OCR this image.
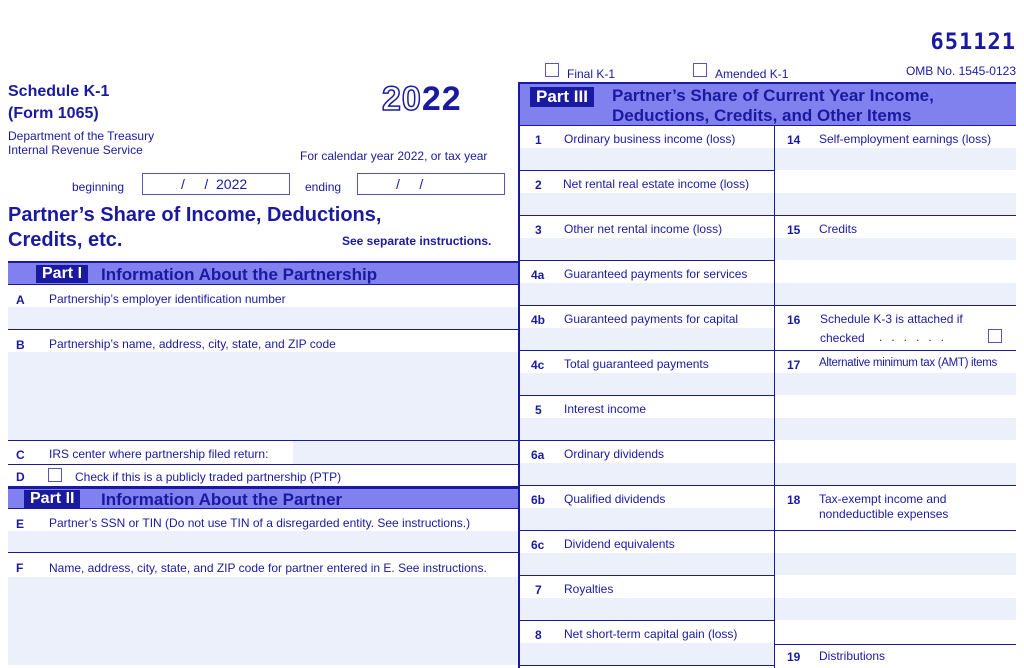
651121
OMB No. 1545-0123
Final K-1	Amended K-1
Schedule K-1
(Form 1065)
Department of the Treasury
Internal Revenue Service
2022
For calendar year 2022, or tax year
beginning	/     /  2022	ending	/     /
Partner’s Share of Income, Deductions,
Credits, etc.	See separate instructions.
Part I	Information About the Partnership
A Partnership’s employer identification number
B Partnership’s name, address, city, state, and ZIP code
C IRS center where partnership filed return:
D	Check if this is a publicly traded partnership (PTP)
Part II	Information About the Partner
E Partner’s SSN or TIN (Do not use TIN of a disregarded entity. See instructions.)
F Name, address, city, state, and ZIP code for partner entered in E. See instructions.
Part III	Partner’s Share of Current Year Income,
Deductions, Credits, and Other Items
1 Ordinary business income (loss)
2 Net rental real estate income (loss)
3 Other net rental income (loss)
4a Guaranteed payments for services
4b Guaranteed payments for capital
4c Total guaranteed payments
5 Interest income
6a Ordinary dividends
6b Qualified dividends
6c Dividend equivalents
7 Royalties
8 Net short-term capital gain (loss)
14 Self-employment earnings (loss)
15 Credits
16 Schedule K-3 is attached if
checked ......
17 Alternative minimum tax (AMT) items
18 Tax-exempt income and
nondeductible expenses
19 Distributions
